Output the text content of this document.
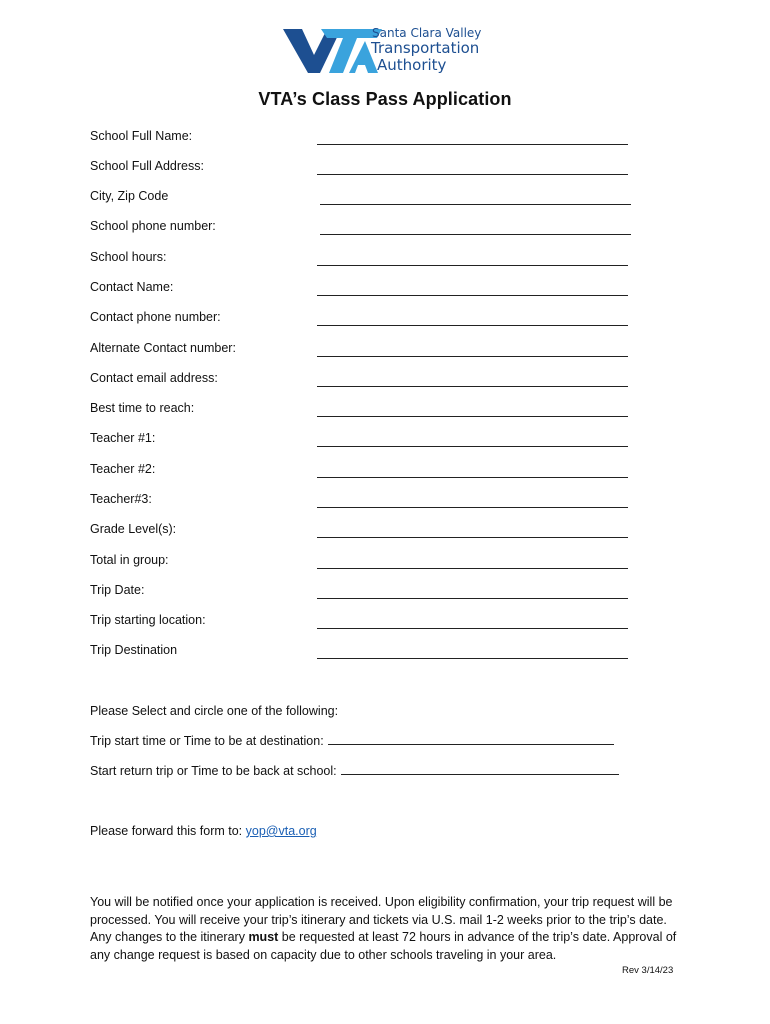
Santa Clara Valley
Transportation
Authority
VTA’s Class Pass Application
School Full Name:
School Full Address:
City, Zip Code
School phone number:
School hours:
Contact Name:
Contact phone number:
Alternate Contact number:
Contact email address:
Best time to reach:
Teacher #1:
Teacher #2:
Teacher#3:
Grade Level(s):
Total in group:
Trip Date:
Trip starting location:
Trip Destination
Please Select and circle one of the following:
Trip start time or Time to be at destination:
Start return trip or Time to be back at school:
Please forward this form to: yop@vta.org
You will be notified once your application is received. Upon eligibility confirmation, your trip request will be processed. You will receive your trip’s itinerary and tickets via U.S. mail 1-2 weeks prior to the trip’s date. Any changes to the itinerary must be requested at least 72 hours in advance of the trip’s date. Approval of any change request is based on capacity due to other schools traveling in your area.
Rev 3/14/23
